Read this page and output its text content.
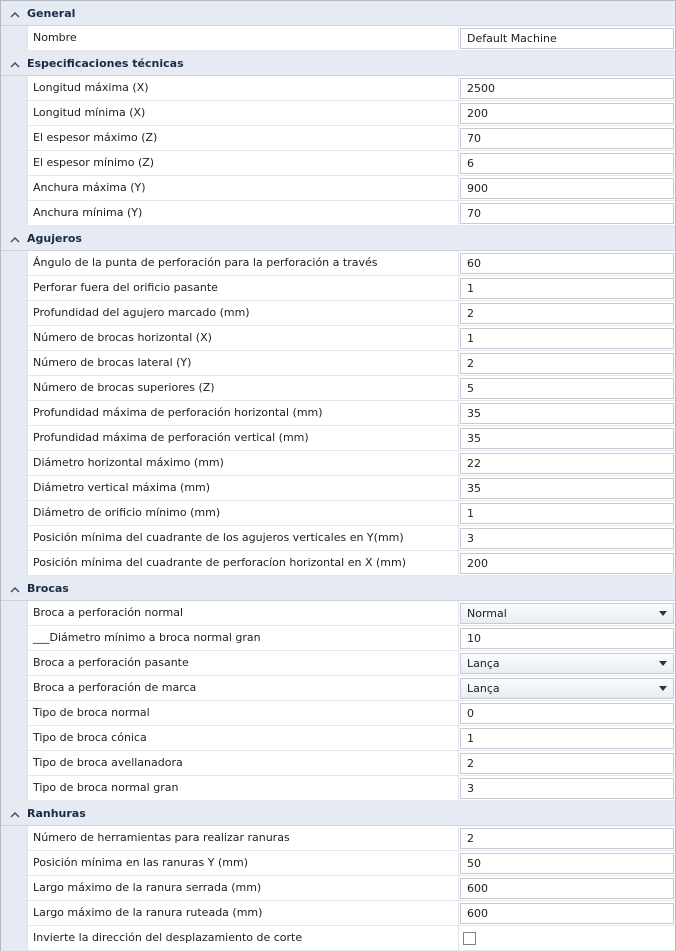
General
Nombre	Default Machine
Especificaciones técnicas
Longitud máxima (X)	2500
Longitud mínima (X)	200
El espesor máximo (Z)	70
El espesor mínimo (Z)	6
Anchura máxima (Y)	900
Anchura mínima (Y)	70
Agujeros
Ángulo de la punta de perforación para la perforación a través	60
Perforar fuera del orificio pasante	1
Profundidad del agujero marcado (mm)	2
Número de brocas horizontal (X)	1
Número de brocas lateral (Y)	2
Número de brocas superiores (Z)	5
Profundidad máxima de perforación horizontal (mm)	35
Profundidad máxima de perforación vertical (mm)	35
Diámetro horizontal máximo (mm)	22
Diámetro vertical máxima (mm)	35
Diámetro de orificio mínimo (mm)	1
Posición mínima del cuadrante de los agujeros verticales en Y(mm)	3
Posición mínima del cuadrante de perforacíon horizontal en X (mm)	200
Brocas
Broca a perforación normal	Normal
___Diámetro mínimo a broca normal gran	10
Broca a perforación pasante	Lança
Broca a perforación de marca	Lança
Tipo de broca normal	0
Tipo de broca cónica	1
Tipo de broca avellanadora	2
Tipo de broca normal gran	3
Ranhuras
Número de herramientas para realizar ranuras	2
Posición mínima en las ranuras Y (mm)	50
Largo máximo de la ranura serrada (mm)	600
Largo máximo de la ranura ruteada (mm)	600
Invierte la dirección del desplazamiento de corte
